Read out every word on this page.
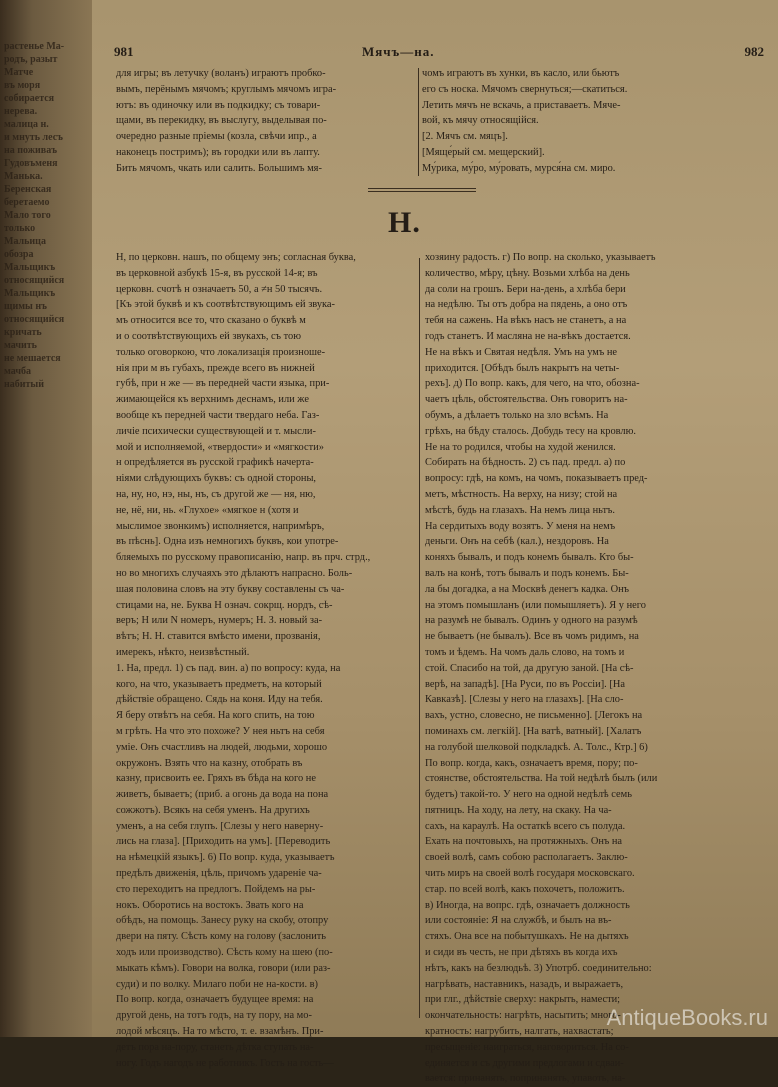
растенье Ма-
родъ, разыт
Матче
въ моря
собирается
нерева.
малица н.
и мнуть лесъ
на поживаъ
Гудовъменя
Манька.
Беренская
беретаемо
Мало того
только
Мальица
обозра
Мальщикъ
относящийся
Мальщикъ
щимы нъ
относящийся
кричать
мачить
не мешается
мачба
набитый
981	Мячъ—на.	982

для игры; въ летучку (воланъ) играютъ пробко-

вымъ, перёнымъ мячомъ; круглымъ мячомъ игра-

ютъ: въ одиночку или въ подкидку; съ товари-

щами, въ перекидку, въ выслугу, выделывая по-

очередно разные пріемы (козла, свѣчи ипр., а

наконецъ постримъ); въ городки или въ лапту.

Бить мячомъ, чкать или салить. Большимъ мя-

чомъ играютъ въ хунки, въ касло, или бьютъ

его съ носка. Мячомъ свернуться;—скатиться.

Летить мячъ не вскачь, а приставаетъ. Мяче-

вой, къ мячу относящійся.

[2. Мячъ см. мяцъ].

[Мяще́рый см. мещерский].

Му́рика, му́ро, му́ровать, мурся́на см. миро.

Н.

Н, по церковн. нашъ, по общему энъ; согласная буква,

въ церковной азбукѣ 15-я, въ русской 14-я; въ

церковн. счотѣ н означаетъ 50, а ≠н 50 тысячъ.

[Къ этой буквѣ и къ соотвѣтствующимъ ей звука-

мъ относится все то, что сказано о буквѣ м

и о соотвѣтствующихъ ей звукахъ, съ тою

только оговоркою, что локализація произноше-

нія при м въ губахъ, прежде всего въ нижней

губѣ, при н же — въ передней части языка, при-

жимающейся къ верхнимъ деснамъ, или же

вообще къ передней части твердаго неба. Газ-

личіе психически существующей и т. мысли-

мой и исполняемой, «твердости» и «мягкости»

н опредѣляется въ русской графикѣ начерта-

ніями слѣдующихъ буквъ: съ одной стороны,

на, ну, но, нэ, ны, нъ, съ другой же — ня, ню,

не, нё, ни, нь. «Глухое» «мягкое н (хотя и

мыслимое звонкимъ) исполняется, напримѣръ,

въ пѣснь]. Одна изъ немногихъ буквъ, кои употре-

бляемыхъ по русскому правописанію, напр. въ прч. стрд.,

но во многихъ случаяхъ это дѣлаютъ напрасно. Боль-

шая половина словъ на эту букву составлены съ ча-

стицами на, не. Буква Н означ. сокрщ. нордъ, сѣ-

веръ; Н или N номеръ, нумеръ; Н. З. новый за-

вѣтъ; Н. Н. ставится вмѣсто имени, прозванія,

имерекъ, нѣкто, неизвѣстный.

1. На, предл. 1) съ пад. вин. а) по вопросу: куда, на

кого, на что, указываетъ предметъ, на который

дѣйствіе обращено. Сядь на коня. Иду на тебя.

Я беру отвѣтъ на себя. На кого спить, на тою

м грѣть. На что это похоже? У нея ньтъ на себя

уміе. Онъ счастливъ на людей, людьми, хорошо

окружонъ. Взять что на казну, отобрать въ

казну, присвоить ее. Гряхъ въ бѣда на кого не

живетъ, бываетъ; (приб. а огонь да вода на пона

сожжотъ). Всякъ на себя уменъ. На другихъ

уменъ, а на себя глупъ. [Слезы у него наверну-

лись на глаза]. [Приходить на умъ]. [Переводить

на нѣмецкій языкъ]. 6) По вопр. куда, указываетъ

предѣлъ движенія, цѣль, причомъ удареніе ча-

сто переходитъ на предлогъ. Пойдемъ на ры-

нокъ. Оборотись на востокъ. Звать кого на

обѣдъ, на помощь. Занесу руку на скобу, отопру

двери на пяту. Сѣсть кому на голову (заслонить

ходъ или производство). Сѣсть кому на шею (по-

мыкать кѣмъ). Говори на волка, говори (или раз-

суди) и по волку. Милаго поби не на-кости. в)

По вопр. когда, означаетъ будущее время: на

другой день, на тотъ годъ, на ту пору, на мо-

лодой мѣсяцъ. На то мѣсто, т. е. взамѣнъ. При-

детъ пора на-пору, станеть дѣтка ступать на-

ногу. Годъ нагодъ не работникъ. Гость на гость—

хозяину радость. г) По вопр. на сколько, указываетъ

количество, мѣру, цѣну. Возьми хлѣба на день

да соли на грошъ. Бери на-день, а хлѣба бери

на недѣлю. Ты отъ добра на пядень, а оно отъ

тебя на сажень. На вѣкъ насъ не станетъ, а на

годъ станетъ. И масляна не на-вѣкъ достается.

Не на вѣкъ и Святая недѣля. Умъ на умъ не

приходится. [Обѣдъ былъ накрытъ на четы-

рехъ]. д) По вопр. какъ, для чего, на что, обозна-

чаетъ цѣль, обстоятельства. Онъ говоритъ на-

обумъ, а дѣлаетъ только на зло всѣмъ. На

грѣхъ, на бѣду сталось. Добудь тесу на кровлю.

Не на то родился, чтобы на худой женился.

Собирать на бѣдность. 2) съ пад. предл. а) по

вопросу: гдѣ, на комъ, на чомъ, показываетъ пред-

метъ, мѣстность. На верху, на низу; стой на

мѣстѣ, будь на глазахъ. На немъ лица ньтъ.

На сердитыхъ воду возятъ. У меня на немъ

деньги. Онъ на себѣ (кал.), нездоровъ. На

коняхъ бывалъ, и подъ конемъ бывалъ. Кто бы-

валъ на конѣ, тотъ бывалъ и подъ конемъ. Бы-

ла бы догадка, а на Москвѣ денегъ кадка. Онъ

на этомъ помышланъ (или помышляетъ). Я у него

на разумѣ не бывалъ. Одинъ у одного на разумѣ

не бываетъ (не бывалъ). Все въ чомъ ридимъ, на

томъ и ѣдемъ. На чомъ даль слово, на томъ и

стой. Спасибо на той, да другую заной. [На сѣ-

верѣ, на западѣ]. [На Руси, по въ Россіи]. [На

Кавказѣ]. [Слезы у него на глазахъ]. [На сло-

вахъ, устно, словесно, не письменно]. [Легокъ на

поминахъ см. легкій]. [На ватѣ, ватный]. [Халатъ

на голубой шелковой подкладкѣ. А. Толс., Ктр.] 6)

По вопр. когда, какъ, означаетъ время, пору; по-

стоянстве, обстоятельства. На той недѣлѣ былъ (или

будетъ) такой-то. У него на одной недѣлѣ семь

пятницъ. На ходу, на лету, на скаку. На ча-

сахъ, на караулѣ. На остаткѣ всего съ полуда.

Ехать на почтовыхъ, на протяжныхъ. Онъ на

своей волѣ, самъ собою располагаетъ. Заклю-

чить миръ на своей волѣ государя московскаго.

стар. по всей волѣ, какъ похочетъ, положитъ.

в) Иногда, на вопрс. гдѣ, означаетъ должность

или состояніе: Я на службѣ, и былъ на въ-

стяхъ. Она все на побытушкахъ. Не на дытяхъ

и сиди въ честь, не при дѣтяхъ въ когда ихъ

нѣтъ, какъ на безлюдьѣ. 3) Употрб. соединительно:

нагрѣвать, наставникъ, назадъ, и выражаетъ,

при глг., дѣйствіе сверху: накрыть, намести;

окончательность: нагрѣть, насытить; много-

кратность: нагрубить, налгать, нахвастать;

пресыщеніе: наиграться, наговориться. На со-

единяется и съ другими предлогами и сдваи-

вается: принанять, попринанять, упавоть, на-

AntiqueBooks.ru
